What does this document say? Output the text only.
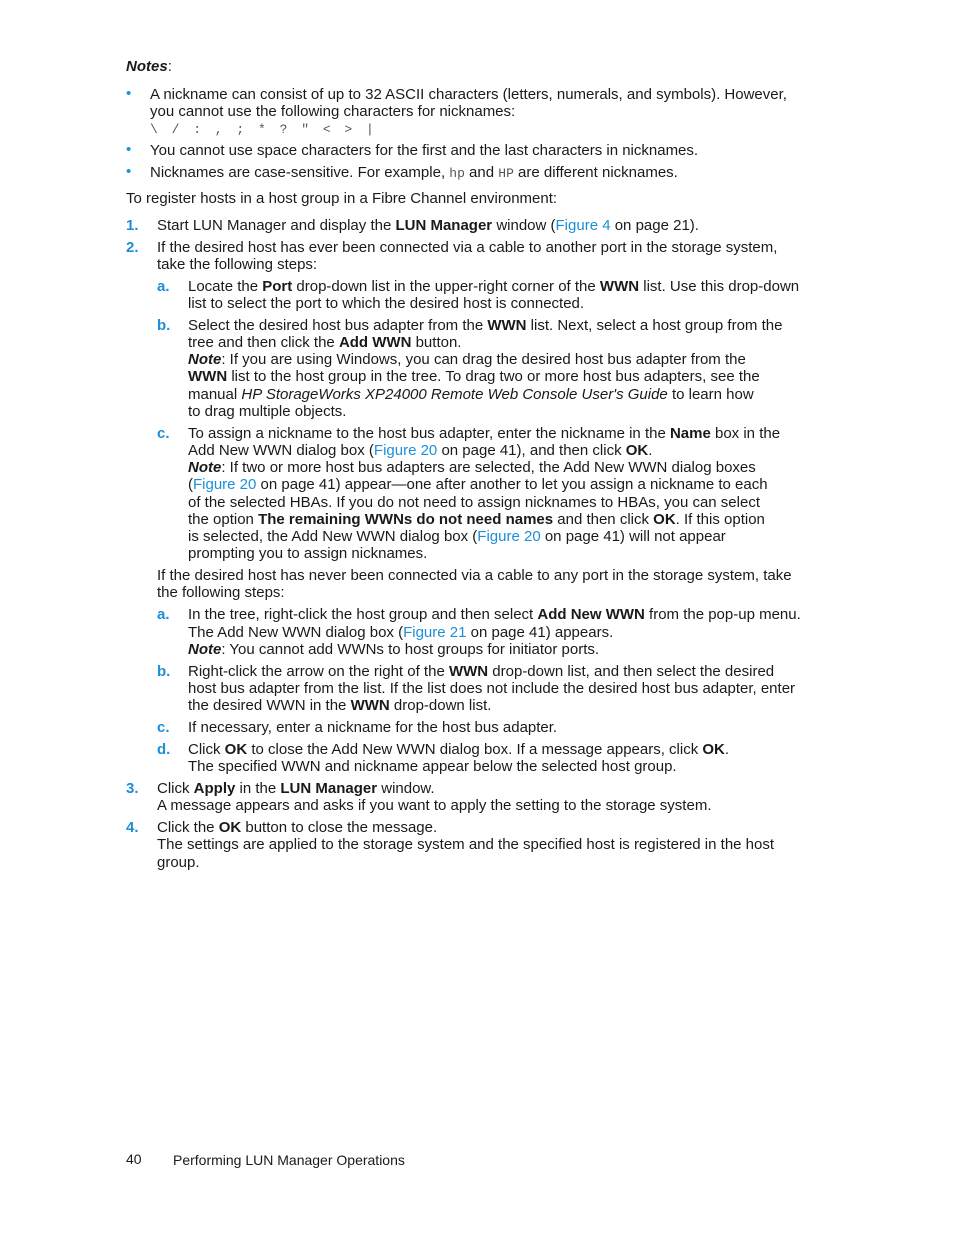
Notes:
• A nickname can consist of up to 32 ASCII characters (letters, numerals, and symbols). However,
you cannot use the following characters for nicknames:
\ / : , ; * ? " < > |
• You cannot use space characters for the first and the last characters in nicknames.
• Nicknames are case-sensitive. For example, hp and HP are different nicknames.
To register hosts in a host group in a Fibre Channel environment:
1. Start LUN Manager and display the LUN Manager window (Figure 4 on page 21).
2. If the desired host has ever been connected via a cable to another port in the storage system,
take the following steps:
a. Locate the Port drop-down list in the upper-right corner of the WWN list. Use this drop-down
list to select the port to which the desired host is connected.
b. Select the desired host bus adapter from the WWN list. Next, select a host group from the
tree and then click the Add WWN button.
Note: If you are using Windows, you can drag the desired host bus adapter from the
WWN list to the host group in the tree. To drag two or more host bus adapters, see the
manual HP StorageWorks XP24000 Remote Web Console User's Guide to learn how
to drag multiple objects.
c. To assign a nickname to the host bus adapter, enter the nickname in the Name box in the
Add New WWN dialog box (Figure 20 on page 41), and then click OK.
Note: If two or more host bus adapters are selected, the Add New WWN dialog boxes
(Figure 20 on page 41) appear—one after another to let you assign a nickname to each
of the selected HBAs. If you do not need to assign nicknames to HBAs, you can select
the option The remaining WWNs do not need names and then click OK. If this option
is selected, the Add New WWN dialog box (Figure 20 on page 41) will not appear
prompting you to assign nicknames.
If the desired host has never been connected via a cable to any port in the storage system, take
the following steps:
a. In the tree, right-click the host group and then select Add New WWN from the pop-up menu.
The Add New WWN dialog box (Figure 21 on page 41) appears.
Note: You cannot add WWNs to host groups for initiator ports.
b. Right-click the arrow on the right of the WWN drop-down list, and then select the desired
host bus adapter from the list. If the list does not include the desired host bus adapter, enter
the desired WWN in the WWN drop-down list.
c. If necessary, enter a nickname for the host bus adapter.
d. Click OK to close the Add New WWN dialog box. If a message appears, click OK.
The specified WWN and nickname appear below the selected host group.
3. Click Apply in the LUN Manager window.
A message appears and asks if you want to apply the setting to the storage system.
4. Click the OK button to close the message.
The settings are applied to the storage system and the specified host is registered in the host
group.
40 Performing LUN Manager Operations
